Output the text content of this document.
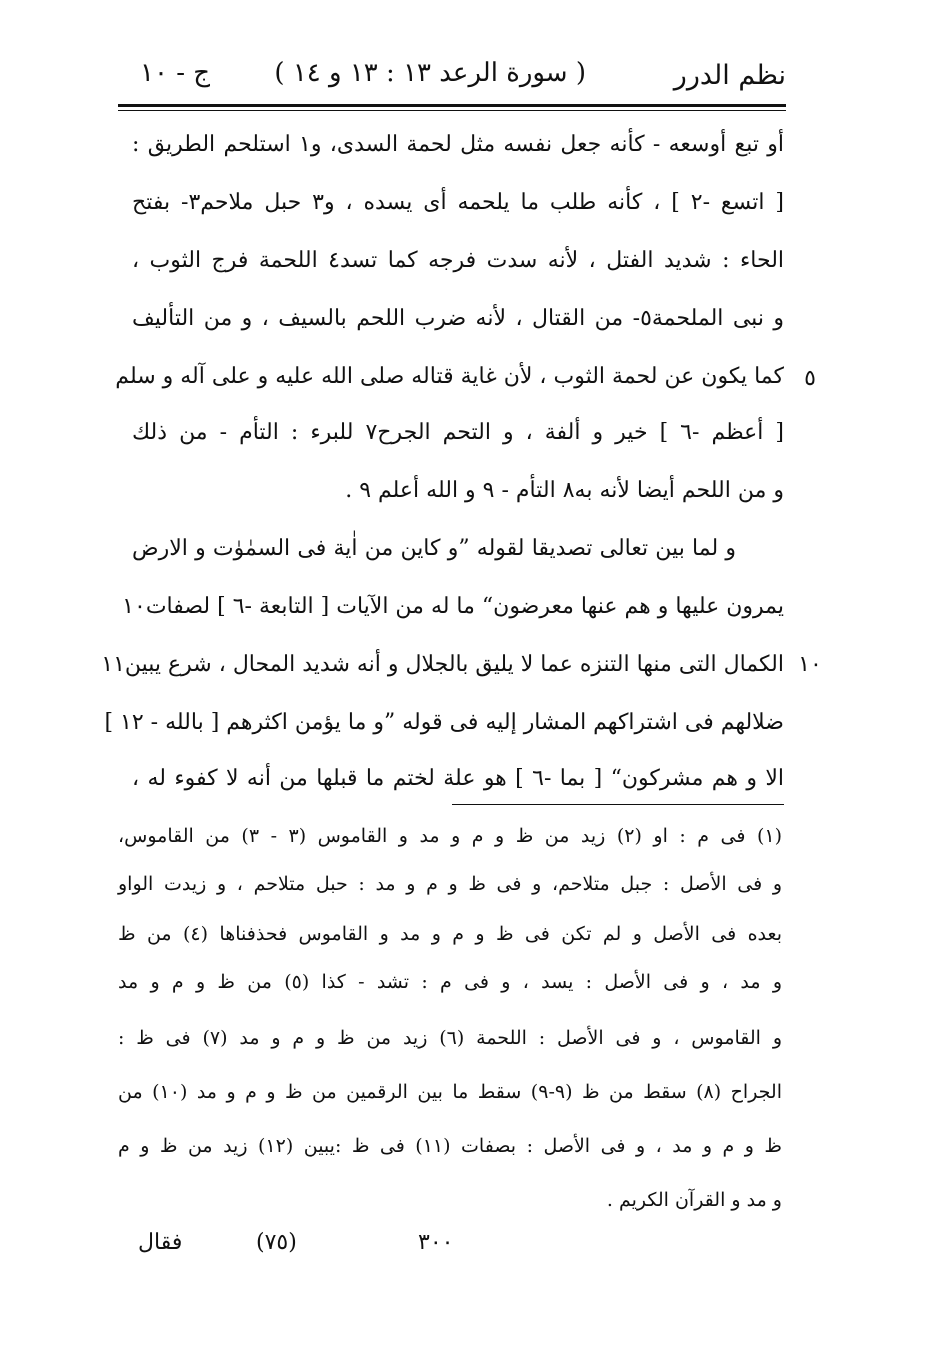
نظم الدرر
( سورة الرعد ١٣ : ١٣ و ١٤ )
ج - ١٠
أو تبع أوسعه - كأنه جعل نفسه مثل لحمة السدى، و١ استلحم الطريق :
[ اتسع -٢ ] ، كأنه طلب ما يلحمه أى يسده ، و٣ حبل ملاحم٣- بفتح
الحاء : شديد الفتل ، لأنه سدت فرجه كما تسد٤ اللحمة فرج الثوب ،
و نبى الملحمة٥- من القتال ، لأنه ضرب اللحم بالسيف ، و من التأليف
كما يكون عن لحمة الثوب ، لأن غاية قتاله صلى الله عليه و على آله و سلم
[ أعظم -٦ ] خير و ألفة ، و التحم الجرح٧ للبرء : التأم - من ذلك
و من اللحم أيضا لأنه به٨ التأم - ٩ و الله أعلم ٩ .
و لما بين تعالى تصديقا لقوله ”و كاين من اٰية فى السمٰوٰت و الارض
يمرون عليها و هم عنها معرضون“ ما له من الآيات [ التابعة -٦ ] لصفات١٠
الكمال التى منها التنزه عما لا يليق بالجلال و أنه شديد المحال ، شرع يبين١١
ضلالهم فى اشتراكهم المشار إليه فى قوله ”و ما يؤمن اكثرهم [ بالله - ١٢ ]
الا و هم مشركون“ [ بما -٦ ] هو علة لختم ما قبلها من أنه لا كفوء له ،
٥
١٠
(١) فى م : او (٢) زيد من ظ و م و مد و القاموس (٣ - ٣) من القاموس،
و فى الأصل : جبل متلاحم، و فى ظ و م و مد : حبل متلاحم ، و زيدت الواو
بعده فى الأصل و لم تكن فى ظ و م و مد و القاموس فحذفناها (٤) من ظ
و مد ، و فى الأصل : يسد ، و فى م : تشد - كذا (٥) من ظ و م و مد
و القاموس ، و فى الأصل : اللحمة (٦) زيد من ظ و م و مد (٧) فى ظ :
الجراح (٨) سقط من ظ (٩-٩) سقط ما بين الرقمين من ظ و م و مد (١٠) من
ظ و م و مد ، و فى الأصل : بصفات (١١) فى ظ :يبين (١٢) زيد من ظ و م
و مد و القرآن الكريم .
٣٠٠
(٧٥)
فقال
